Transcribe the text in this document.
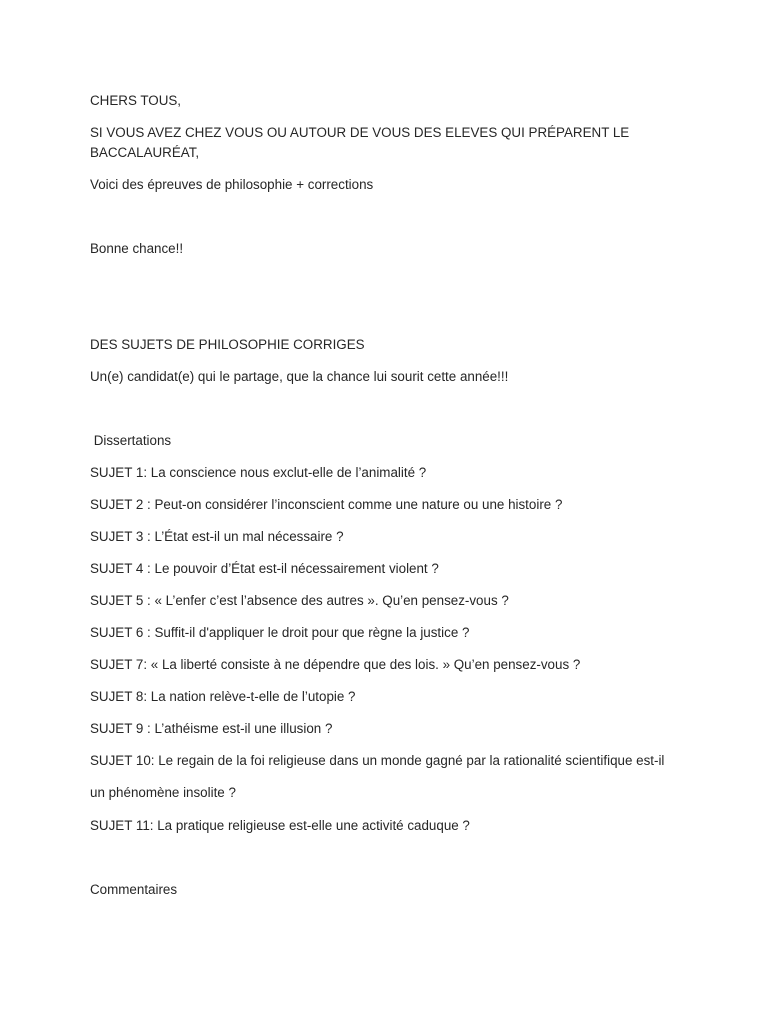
CHERS TOUS,
SI VOUS AVEZ CHEZ VOUS OU AUTOUR DE VOUS DES ELEVES QUI PRÉPARENT LE BACCALAURÉAT,
Voici des épreuves de philosophie + corrections
Bonne chance!!
DES SUJETS DE PHILOSOPHIE CORRIGES
Un(e) candidat(e) qui le partage, que la chance lui sourit cette année!!!
Dissertations
SUJET 1: La conscience nous exclut-elle de l’animalité ?
SUJET 2 : Peut-on considérer l’inconscient comme une nature ou une histoire ?
SUJET 3 : L’État est-il un mal nécessaire ?
SUJET 4 : Le pouvoir d’État est-il nécessairement violent ?
SUJET 5 : « L’enfer c’est l’absence des autres ». Qu’en pensez-vous ?
SUJET 6 : Suffit-il d'appliquer le droit pour que règne la justice ?
SUJET 7: « La liberté consiste à ne dépendre que des lois. » Qu’en pensez-vous ?
SUJET 8: La nation relève-t-elle de l’utopie ?
SUJET 9 : L’athéisme est-il une illusion ?
SUJET 10: Le regain de la foi religieuse dans un monde gagné par la rationalité scientifique est-il
un phénomène insolite ?
SUJET 11: La pratique religieuse est-elle une activité caduque ?
Commentaires
